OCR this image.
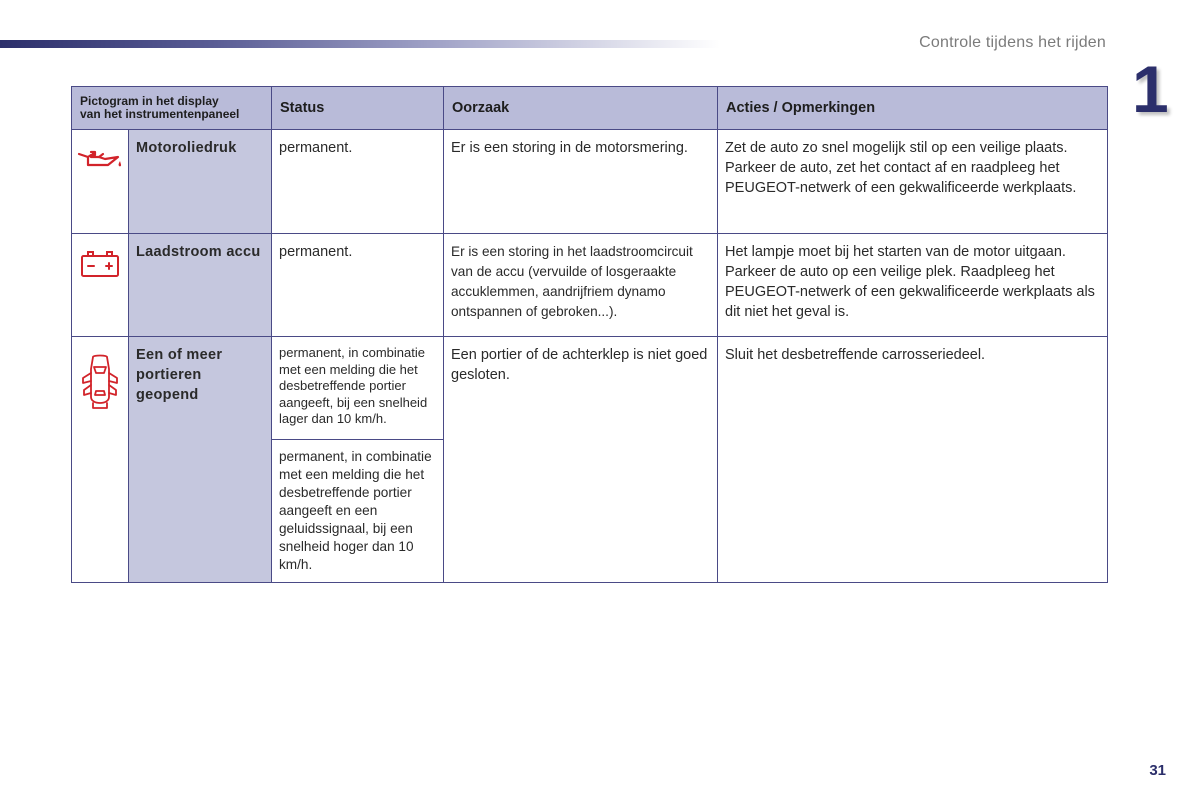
Controle tijdens het rijden
1
Pictogram in het display
van het instrumentenpaneel		Status	Oorzaak	Acties / Opmerkingen

	Motoroliedruk	permanent.	Er is een storing in de motorsmering.	Zet de auto zo snel mogelijk stil op een veilige plaats. Parkeer de auto, zet het contact af en raadpleeg het PEUGEOT-netwerk of een gekwalificeerde werkplaats.

	Laadstroom accu	permanent.	Er is een storing in het laadstroomcircuit van de accu (vervuilde of losgeraakte accuklemmen, aandrijfriem dynamo ontspannen of gebroken...).	Het lampje moet bij het starten van de motor uitgaan. Parkeer de auto op een veilige plek. Raadpleeg het PEUGEOT-netwerk of een gekwalificeerde werkplaats als dit niet het geval is.

	Een of meer portieren geopend	permanent, in combinatie met een melding die het desbetreffende portier aangeeft, bij een snelheid lager dan 10 km/h.	Een portier of de achterklep is niet goed gesloten.	Sluit het desbetreffende carrosseriedeel.
		permanent, in combinatie met een melding die het desbetreffende portier aangeeft en een geluidssignaal, bij een snelheid hoger dan 10 km/h.		
31
